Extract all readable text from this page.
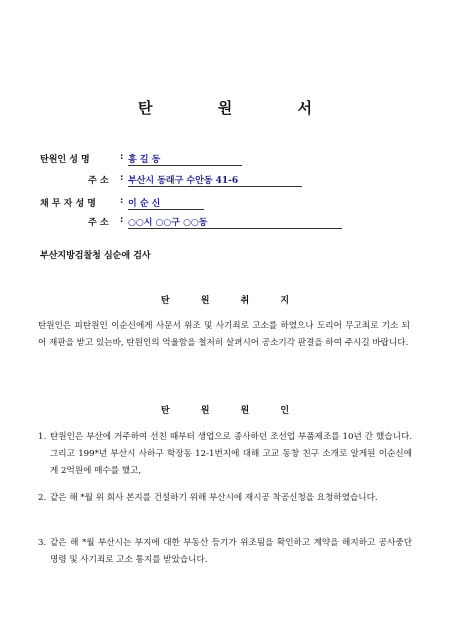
탄 원 서
탄원인 성 명	: 홍 길 동
주 소	: 부산시 동래구 수안동 41-6
채 무 자 성 명	: 이 순 신
주 소	: ○○시 ○○구 ○○동
부산지방검찰청 심순애 검사
탄 원 취 지
탄원인은 피탄원인 이순신에게 사문서 위조 및 사기죄로 고소를 하였으나 도리어 무고죄로 기소 되어 재판을 받고 있는바, 탄원인의 억울함을 철저히 살펴시어 공소기각 판결을 하여 주시길 바랍니다.
탄 원 원 인
1. 탄원인은 부산에 거주하여 선친 때부터 생업으로 종사하던 조선업 부품제조를 10년 간 했습니다. 그리고 199*년 부산시 사하구 학장동 12-1번지에 대해 고교 동창 친구 소개로 알게된 이순신에게 2억원에 매수를 했고,
2. 같은 해 *월 위 회사 본지를 건설하기 위해 부산시에 재시공 착공신청을 요청하였습니다.
3. 같은 해 *월 부산시는 부지에 대한 부동산 등기가 위조됨을 확인하고 계약을 해지하고 공사중단 명령 및 사기죄로 고소 통지를 받았습니다.
